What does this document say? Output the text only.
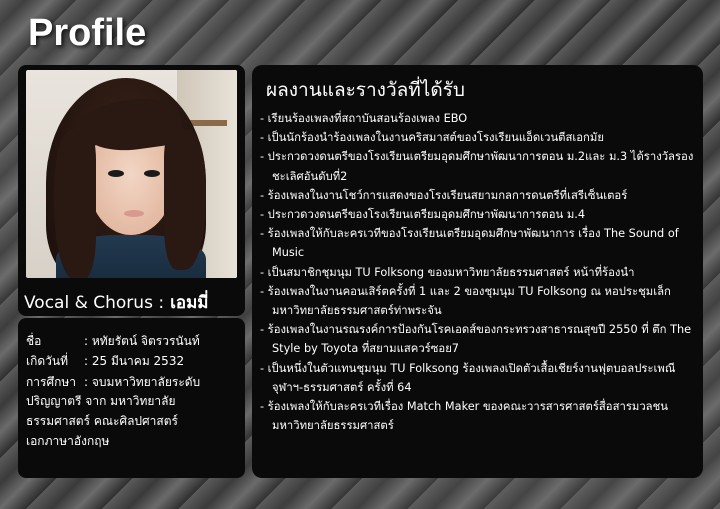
Profile
Vocal & Chorus : เอมมี่
ชื่อ	: หทัยรัตน์ จิตรวรนันท์
เกิดวันที่ : 25 มีนาคม 2532
การศึกษา : จบมหาวิทยาลัยระดับ
ปริญญาตรี จาก มหาวิทยาลัย
ธรรมศาสตร์ คณะศิลปศาสตร์
เอกภาษาอังกฤษ
ผลงานและรางวัลที่ได้รับ
- เรียนร้องเพลงที่สถาบันสอนร้องเพลง EBO
- เป็นนักร้องนำร้องเพลงในงานคริสมาสต์ของโรงเรียนแอ็ดเวนตีสเอกมัย
- ประกวดวงดนตรีของโรงเรียนเตรียมอุดมศึกษาพัฒนาการตอน ม.2และ ม.3 ได้รางวัลรองชะเลิศอันดับที่2
- ร้องเพลงในงานโชว์การแสดงของโรงเรียนสยามกลการดนตรีที่เสรีเซ็นเตอร์
- ประกวดวงดนตรีของโรงเรียนเตรียมอุดมศึกษาพัฒนาการตอน ม.4
- ร้องเพลงให้กับละครเวทีของโรงเรียนเตรียมอุดมศึกษาพัฒนาการ เรื่อง The Sound of Music
- เป็นสมาชิกชุมนุม TU Folksong ของมหาวิทยาลัยธรรมศาสตร์ หน้าที่ร้องนำ
- ร้องเพลงในงานคอนเสิร์ตครั้งที่ 1 และ 2 ของชุมนุม TU Folksong ณ หอประชุมเล็กมหาวิทยาลัยธรรมศาสตร์ท่าพระจัน
- ร้องเพลงในงานรณรงค์การป้องกันโรคเอดส์ของกระทรวงสาธารณสุขปี 2550 ที่ ตึก The Style by Toyota ที่สยามแสควร์ซอย7
- เป็นหนึ่งในตัวแทนชุมนุม TU Folksong ร้องเพลงเปิดตัวเสื้อเชียร์งานฟุตบอลประเพณี จุฬาฯ-ธรรมศาสตร์ ครั้งที่ 64
- ร้องเพลงให้กับละครเวทีเรื่อง Match Maker ของคณะวารสารศาสตร์สื่อสารมวลชน มหาวิทยาลัยธรรมศาสตร์
